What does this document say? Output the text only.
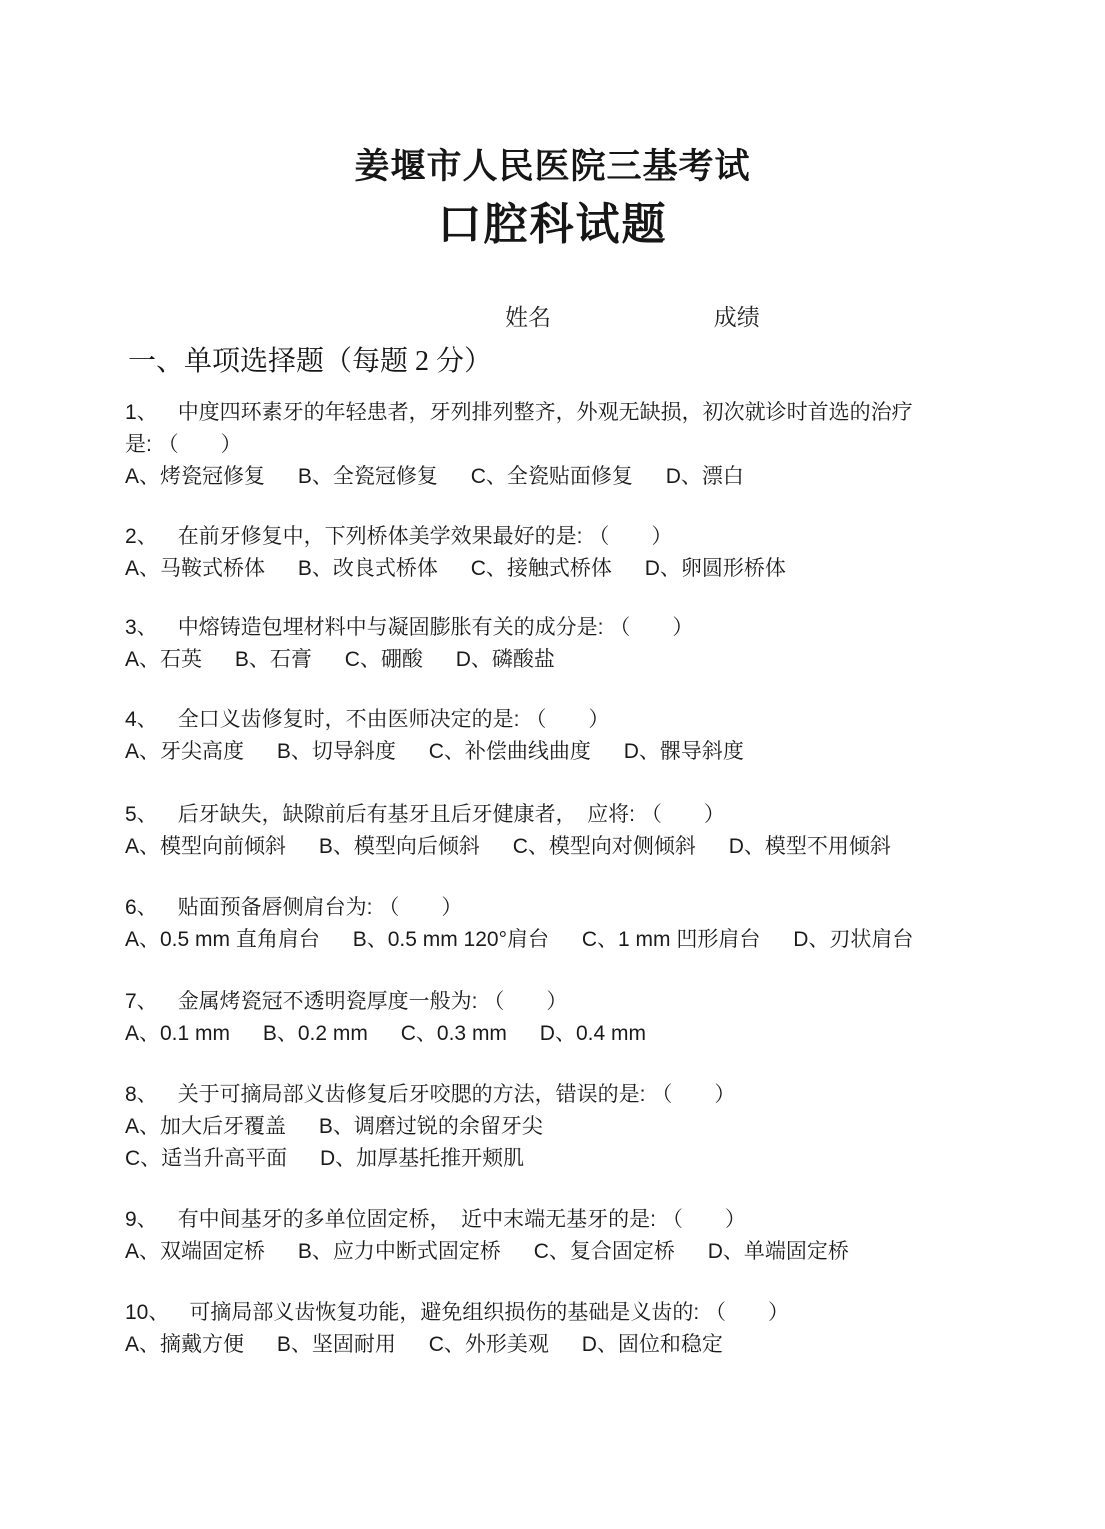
姜堰市人民医院三基考试
口腔科试题
姓名	成绩
一、单项选择题（每题 2 分）

1、 中度四环素牙的年轻患者，牙列排列整齐，外观无缺损，初次就诊时首选的治疗是: （　　）

A、烤瓷冠修复 B、全瓷冠修复 C、全瓷贴面修复 D、漂白

2、 在前牙修复中，下列桥体美学效果最好的是: （　　）

A、马鞍式桥体 B、改良式桥体 C、接触式桥体 D、卵圆形桥体

3、 中熔铸造包埋材料中与凝固膨胀有关的成分是: （　　）

A、石英 B、石膏 C、硼酸 D、磷酸盐

4、 全口义齿修复时，不由医师决定的是: （　　）

A、牙尖高度 B、切导斜度 C、补偿曲线曲度 D、髁导斜度

5、 后牙缺失，缺隙前后有基牙且后牙健康者，　应将: （　　）

A、模型向前倾斜 B、模型向后倾斜 C、模型向对侧倾斜 D、模型不用倾斜

6、 贴面预备唇侧肩台为: （　　）

A、0.5 mm 直角肩台 B、0.5 mm 120°肩台 C、1 mm 凹形肩台 D、刃状肩台

7、 金属烤瓷冠不透明瓷厚度一般为: （　　）

A、0.1 mm B、0.2 mm C、0.3 mm D、0.4 mm

8、 关于可摘局部义齿修复后牙咬腮的方法，错误的是: （　　）

A、加大后牙覆盖 B、调磨过锐的余留牙尖
C、适当升高平面 D、加厚基托推开颊肌

9、 有中间基牙的多单位固定桥，　近中末端无基牙的是: （　　）

A、双端固定桥 B、应力中断式固定桥 C、复合固定桥 D、单端固定桥

10、 可摘局部义齿恢复功能，避免组织损伤的基础是义齿的: （　　）

A、摘戴方便 B、坚固耐用 C、外形美观 D、固位和稳定
